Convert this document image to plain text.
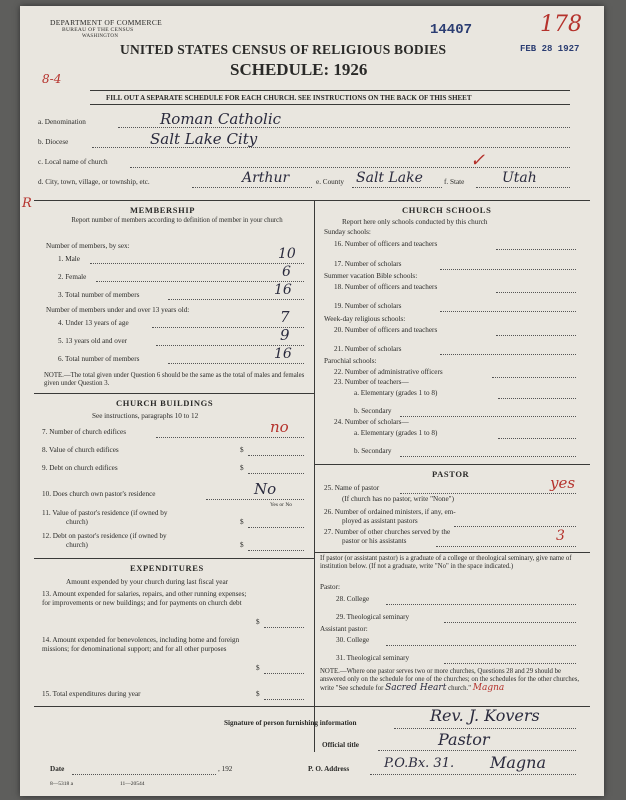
DEPARTMENT OF COMMERCE
BUREAU OF THE CENSUS
WASHINGTON	14407	178
FEB 28 1927
UNITED STATES CENSUS OF RELIGIOUS BODIES
SCHEDULE: 1926
8-4
FILL OUT A SEPARATE SCHEDULE FOR EACH CHURCH. SEE INSTRUCTIONS ON THE BACK OF THIS SHEET
a. Denomination	Roman Catholic
b. Diocese	Salt Lake City
c. Local name of church	✓
d. City, town, village, or township, etc.	Arthur	e. County Salt Lake	f. State	Utah
R	MEMBERSHIP
Report number of members according to definition of member in your church
Number of members, by sex:
1. Male	10
2. Female	6
3. Total number of members	16
Number of members under and over 13 years old:
4. Under 13 years of age	7
5. 13 years old and over	9
6. Total number of members	16
NOTE.—The total given under Question 6 should be the same as the total of males and females given under Question 3.
CHURCH BUILDINGS
See instructions, paragraphs 10 to 12
7. Number of church edifices	no
8. Value of church edifices	$
9. Debt on church edifices	$
10. Does church own pastor's residence	No
Yes or No
11. Value of pastor's residence (if owned by
church)	$
12. Debt on pastor's residence (if owned by
church)	$
EXPENDITURES
Amount expended by your church during last fiscal year
13. Amount expended for salaries, repairs, and other running expenses; for improvements or new buildings; and for payments on church debt
$
14. Amount expended for benevolences, including home and foreign missions; for denominational support; and for all other purposes
$
15. Total expenditures during year	$
CHURCH SCHOOLS
Report here only schools conducted by this church
Sunday schools:
16. Number of officers and teachers
17. Number of scholars
Summer vacation Bible schools:
18. Number of officers and teachers
19. Number of scholars
Week-day religious schools:
20. Number of officers and teachers
21. Number of scholars
Parochial schools:
22. Number of administrative officers
23. Number of teachers—
a. Elementary (grades 1 to 8)
b. Secondary
24. Number of scholars—
a. Elementary (grades 1 to 8)
b. Secondary
PASTOR
25. Name of pastor	yes
(If church has no pastor, write "None")
26. Number of ordained ministers, if any, em-
ployed as assistant pastors
27. Number of other churches served by the
pastor or his assistants	3
If pastor (or assistant pastor) is a graduate of a college or theological seminary, give name of institution below. (If not a graduate, write "No" in the space indicated.)
Pastor:
28. College
29. Theological seminary
Assistant pastor:
30. College
31. Theological seminary
NOTE.—Where one pastor serves two or more churches, Questions 28 and 29 should be answered only on the schedule for one of the churches; on the schedules for the other churches, write "See schedule for Sacred Heart church." Magna
Signature of person furnishing information	Rev. J. Kovers
Official title	Pastor
Date	, 192	P. O. Address	P.O.Bx. 31. Magna
8—5318 a	11—20544
